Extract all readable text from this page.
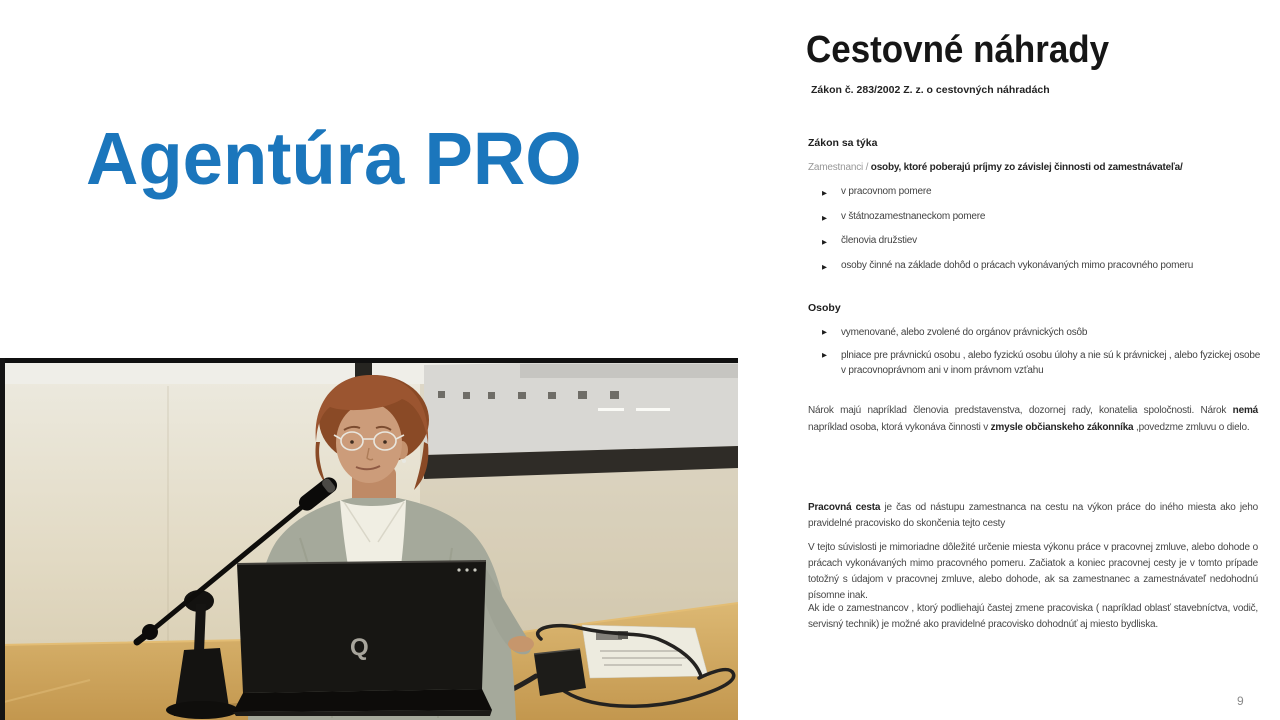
Agentúra PRO
Q
Cestovné náhrady
Zákon č. 283/2002 Z. z. o cestovných náhradách
Zákon sa týka
Zamestnanci / osoby, ktoré poberajú príjmy zo závislej činnosti od zamestnávateľa/
▶	v pracovnom pomere
▶	v štátnozamestnaneckom pomere
▶	členovia družstiev
▶	osoby činné na základe dohôd o prácach vykonávaných mimo pracovného pomeru
Osoby
▶	vymenované, alebo zvolené do orgánov právnických osôb
▶	plniace pre právnickú osobu , alebo fyzickú osobu úlohy a nie sú k právnickej , alebo fyzickej osobe v pracovnoprávnom ani v inom právnom vzťahu
Nárok majú napríklad členovia predstavenstva, dozornej rady, konatelia spoločnosti. Nárok nemá napríklad osoba, ktorá vykonáva činnosti v zmysle občianskeho zákonníka ,povedzme zmluvu o dielo.
Pracovná cesta je čas od nástupu zamestnanca na cestu na výkon práce do iného miesta ako jeho pravidelné pracovisko do skončenia tejto cesty
V tejto súvislosti je mimoriadne dôležité určenie miesta výkonu práce v pracovnej zmluve, alebo dohode o prácach vykonávaných mimo pracovného pomeru. Začiatok a koniec pracovnej cesty je v tomto prípade totožný s údajom v pracovnej zmluve, alebo dohode, ak sa zamestnanec a zamestnávateľ nedohodnú písomne inak.
Ak ide o zamestnancov , ktorý podliehajú častej zmene pracoviska ( napríklad oblasť stavebníctva, vodič, servisný technik) je možné ako pravidelné pracovisko dohodnúť aj miesto bydliska.
9
